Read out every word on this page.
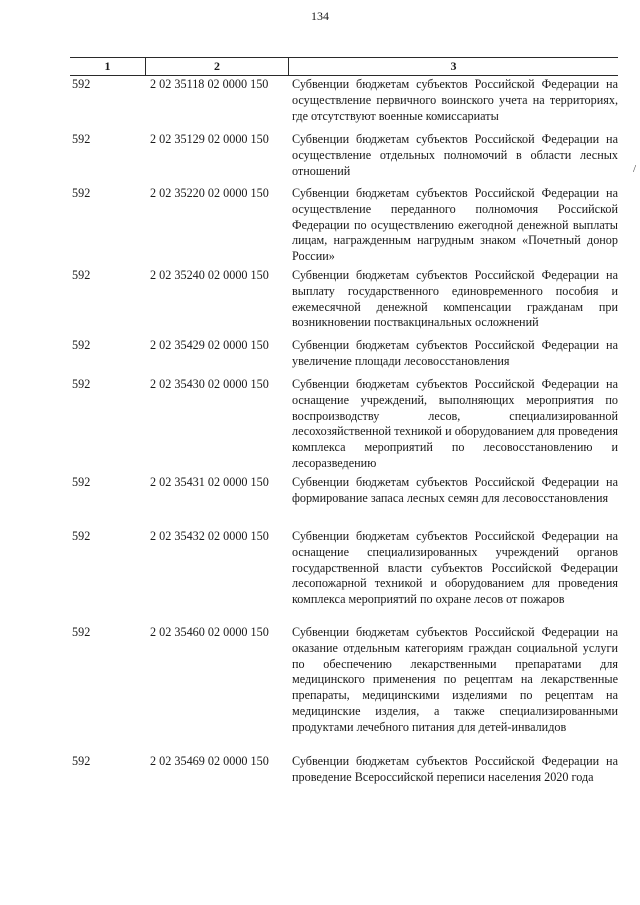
134
1	2	3
592	2 02 35118 02 0000 150	Субвенции бюджетам субъектов Российской Федерации на осуществление первичного воинского учета на территориях, где отсутствуют военные комиссариаты
592	2 02 35129 02 0000 150	Субвенции бюджетам субъектов Российской Федерации на осуществление отдельных полномочий в области лесных отношений
592	2 02 35220 02 0000 150	Субвенции бюджетам субъектов Российской Федерации на осуществление переданного полномочия Российской Федерации по осуществлению ежегодной денежной выплаты лицам, награжденным нагрудным знаком «Почетный донор России»
592	2 02 35240 02 0000 150	Субвенции бюджетам субъектов Российской Федерации на выплату государственного единовременного пособия и ежемесячной денежной компенсации гражданам при возникновении поствакцинальных осложнений
592	2 02 35429 02 0000 150	Субвенции бюджетам субъектов Российской Федерации на увеличение площади лесовосстановления
592	2 02 35430 02 0000 150	Субвенции бюджетам субъектов Российской Федерации на оснащение учреждений, выполняющих мероприятия по воспроизводству лесов, специализированной лесохозяйственной техникой и оборудованием для проведения комплекса мероприятий по лесовосстановлению и лесоразведению
592	2 02 35431 02 0000 150	Субвенции бюджетам субъектов Российской Федерации на формирование запаса лесных семян для лесовосстановления
592	2 02 35432 02 0000 150	Субвенции бюджетам субъектов Российской Федерации на оснащение специализированных учреждений органов государственной власти субъектов Российской Федерации лесопожарной техникой и оборудованием для проведения комплекса мероприятий по охране лесов от пожаров
592	2 02 35460 02 0000 150	Субвенции бюджетам субъектов Российской Федерации на оказание отдельным категориям граждан социальной услуги по обеспечению лекарственными препаратами для медицинского применения по рецептам на лекарственные препараты, медицинскими изделиями по рецептам на медицинские изделия, а также специализированными продуктами лечебного питания для детей-инвалидов
592	2 02 35469 02 0000 150	Субвенции бюджетам субъектов Российской Федерации на проведение Всероссийской переписи населения 2020 года
/
